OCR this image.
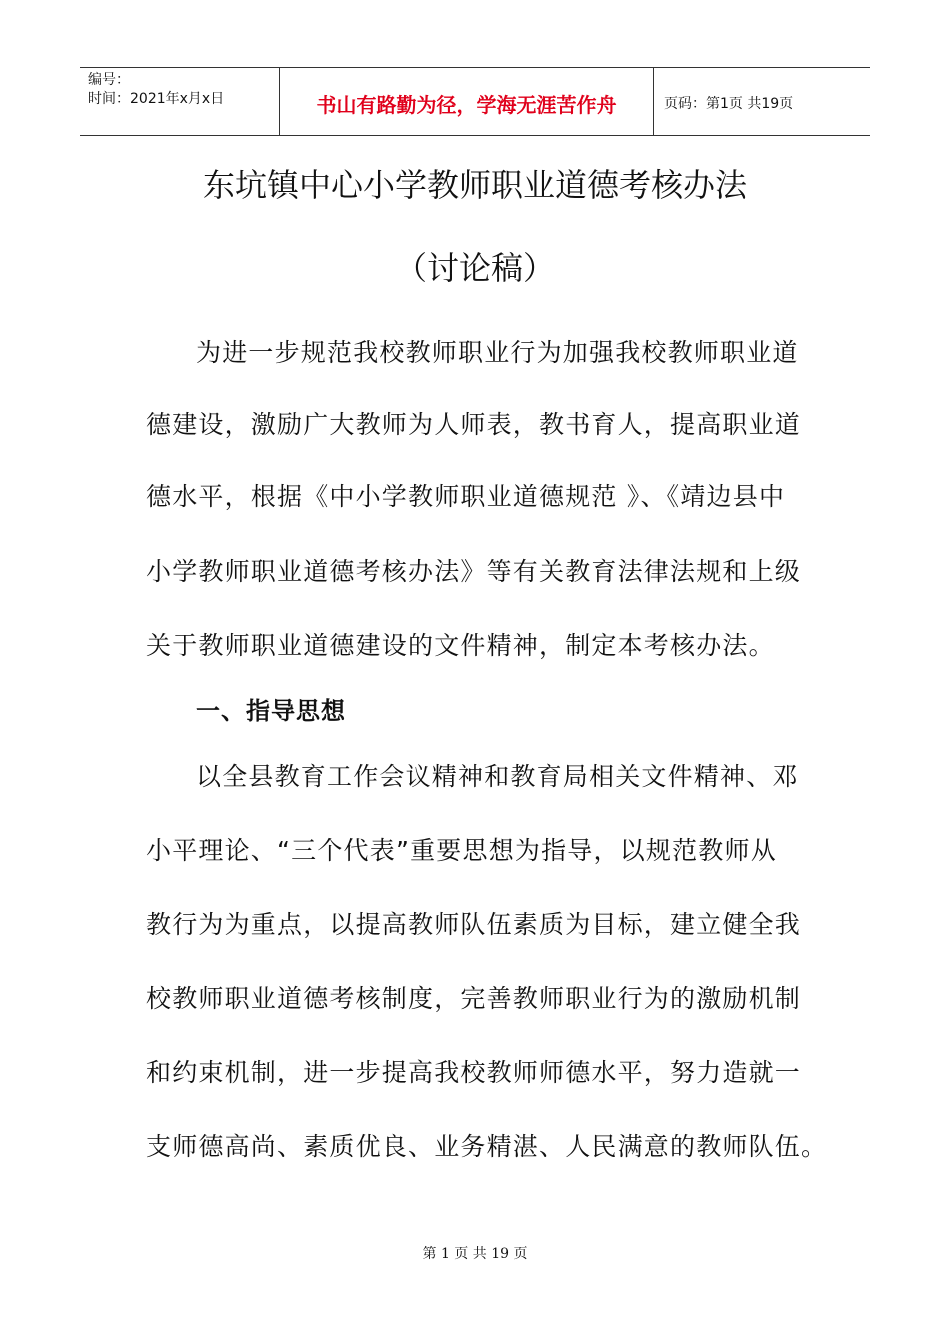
编号：
时间：2021年x月x日	书山有路勤为径，学海无涯苦作舟	页码：第1页 共19页
东坑镇中心小学教师职业道德考核办法
（讨论稿）
为进一步规范我校教师职业行为加强我校教师职业道
德建设，激励广大教师为人师表，教书育人，提高职业道
德水平，根据《中小学教师职业道德规范 》、《靖边县中
小学教师职业道德考核办法》等有关教育法律法规和上级
关于教师职业道德建设的文件精神，制定本考核办法。
一、指导思想
以全县教育工作会议精神和教育局相关文件精神、邓
小平理论、“三个代表”重要思想为指导，以规范教师从
教行为为重点，以提高教师队伍素质为目标，建立健全我
校教师职业道德考核制度，完善教师职业行为的激励机制
和约束机制，进一步提高我校教师师德水平，努力造就一
支师德高尚、素质优良、业务精湛、人民满意的教师队伍。
第 1 页 共 19 页
